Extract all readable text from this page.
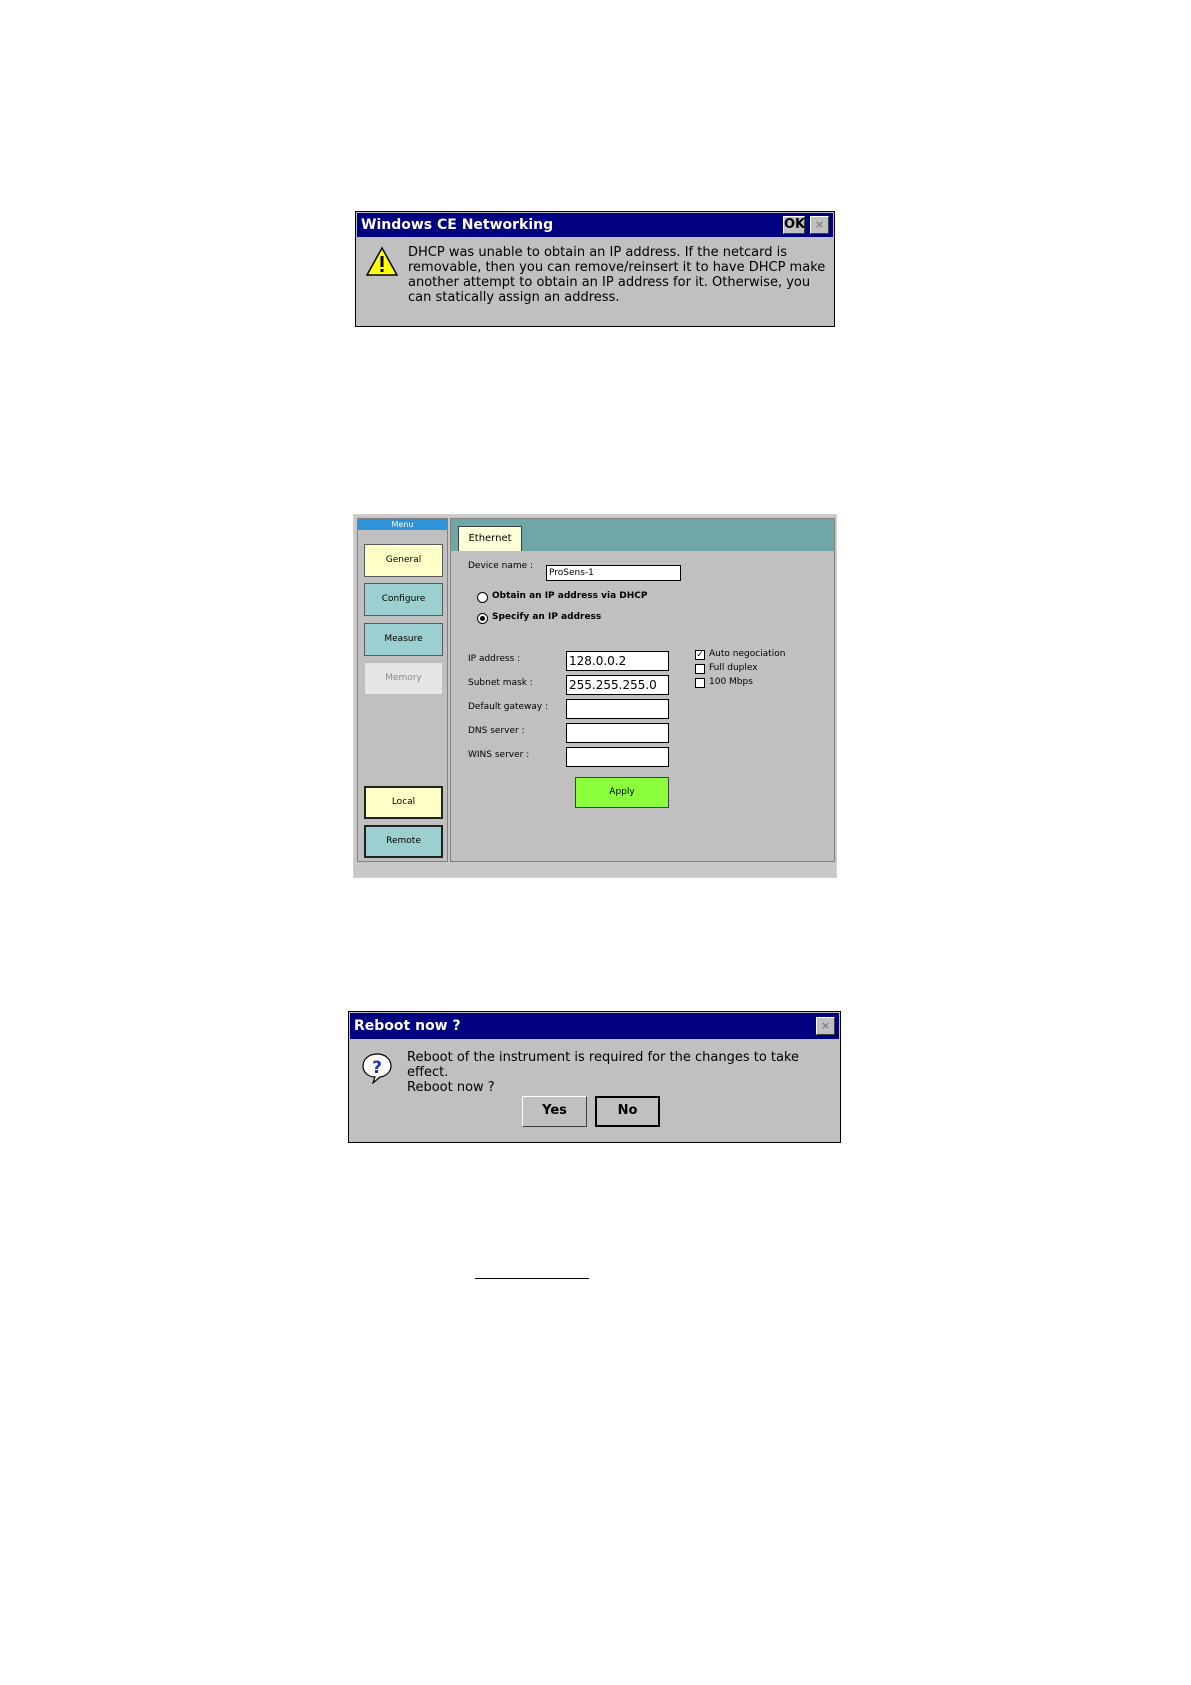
Windows CE Networking	OK ×
DHCP was unable to obtain an IP address. If the netcard is removable, then you can remove/reinsert it to have DHCP make another attempt to obtain an IP address for it. Otherwise, you can statically assign an address.
Menu
General
Configure
Measure
Memory
Local
Remote
Ethernet
Device name :
ProSens-1
Obtain an IP address via DHCP
Specify an IP address
IP address :	128.0.0.2
Subnet mask :	255.255.255.0
Default gateway :
DNS server :
WINS server :
✓ Auto negociation
Full duplex
100 Mbps
Apply
Reboot now ?	×
?
Reboot of the instrument is required for the changes to take effect.
Reboot now ?
Yes	No
